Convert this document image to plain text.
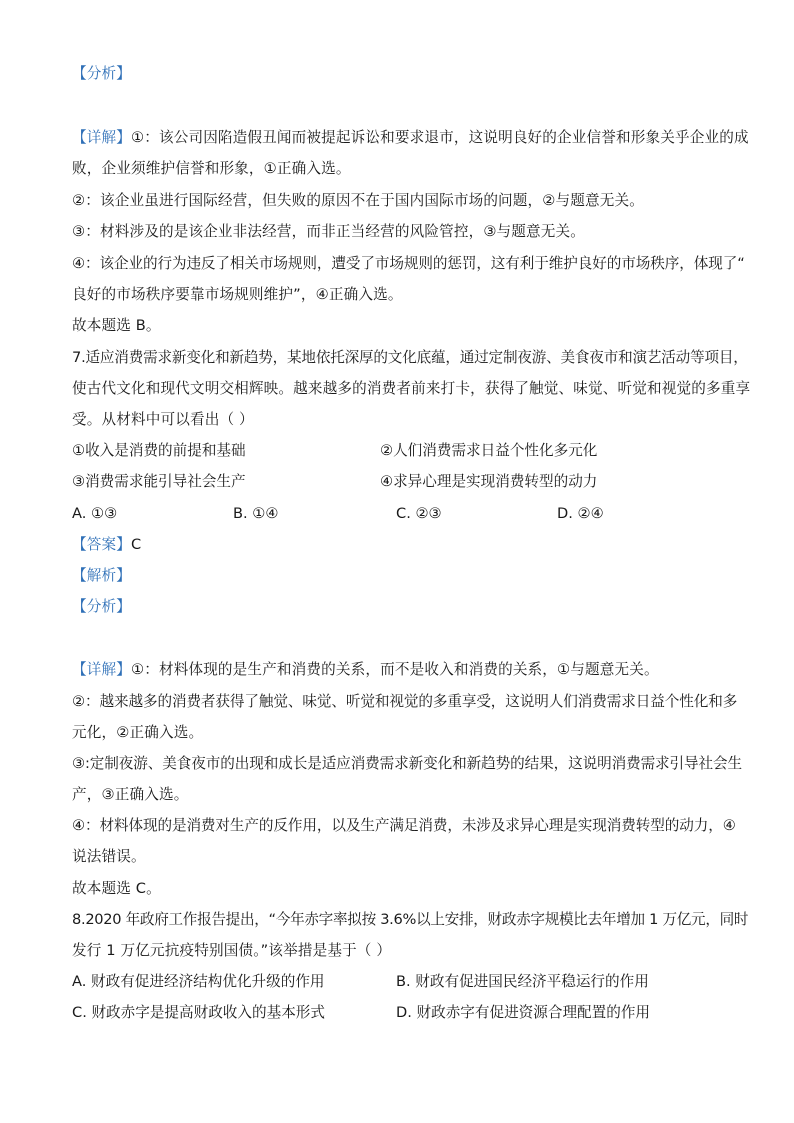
【分析】
【详解】①：该公司因陷造假丑闻而被提起诉讼和要求退市，这说明良好的企业信誉和形象关乎企业的成
败，企业须维护信誉和形象，①正确入选。
②：该企业虽进行国际经营，但失败的原因不在于国内国际市场的问题，②与题意无关。
③：材料涉及的是该企业非法经营，而非正当经营的风险管控，③与题意无关。
④：该企业的行为违反了相关市场规则，遭受了市场规则的惩罚，这有利于维护良好的市场秩序，体现了“
良好的市场秩序要靠市场规则维护”，④正确入选。
故本题选 B。
7.适应消费需求新变化和新趋势，某地依托深厚的文化底蕴，通过定制夜游、美食夜市和演艺活动等项目，
使古代文化和现代文明交相辉映。越来越多的消费者前来打卡，获得了触觉、味觉、听觉和视觉的多重享
受。从材料中可以看出（ ）
①收入是消费的前提和基础	②人们消费需求日益个性化多元化
③消费需求能引导社会生产	④求异心理是实现消费转型的动力
A. ①③	B. ①④	C. ②③	D. ②④
【答案】C
【解析】
【分析】
【详解】①：材料体现的是生产和消费的关系，而不是收入和消费的关系，①与题意无关。
②：越来越多的消费者获得了触觉、味觉、听觉和视觉的多重享受，这说明人们消费需求日益个性化和多
元化，②正确入选。
③:定制夜游、美食夜市的出现和成长是适应消费需求新变化和新趋势的结果，这说明消费需求引导社会生
产，③正确入选。
④：材料体现的是消费对生产的反作用，以及生产满足消费，未涉及求异心理是实现消费转型的动力，④
说法错误。
故本题选 C。
8.2020 年政府工作报告提出，“今年赤字率拟按 3.6%以上安排，财政赤字规模比去年增加 1 万亿元，同时
发行 1 万亿元抗疫特别国债。”该举措是基于（ ）
A. 财政有促进经济结构优化升级的作用	B. 财政有促进国民经济平稳运行的作用
C. 财政赤字是提高财政收入的基本形式	D. 财政赤字有促进资源合理配置的作用
